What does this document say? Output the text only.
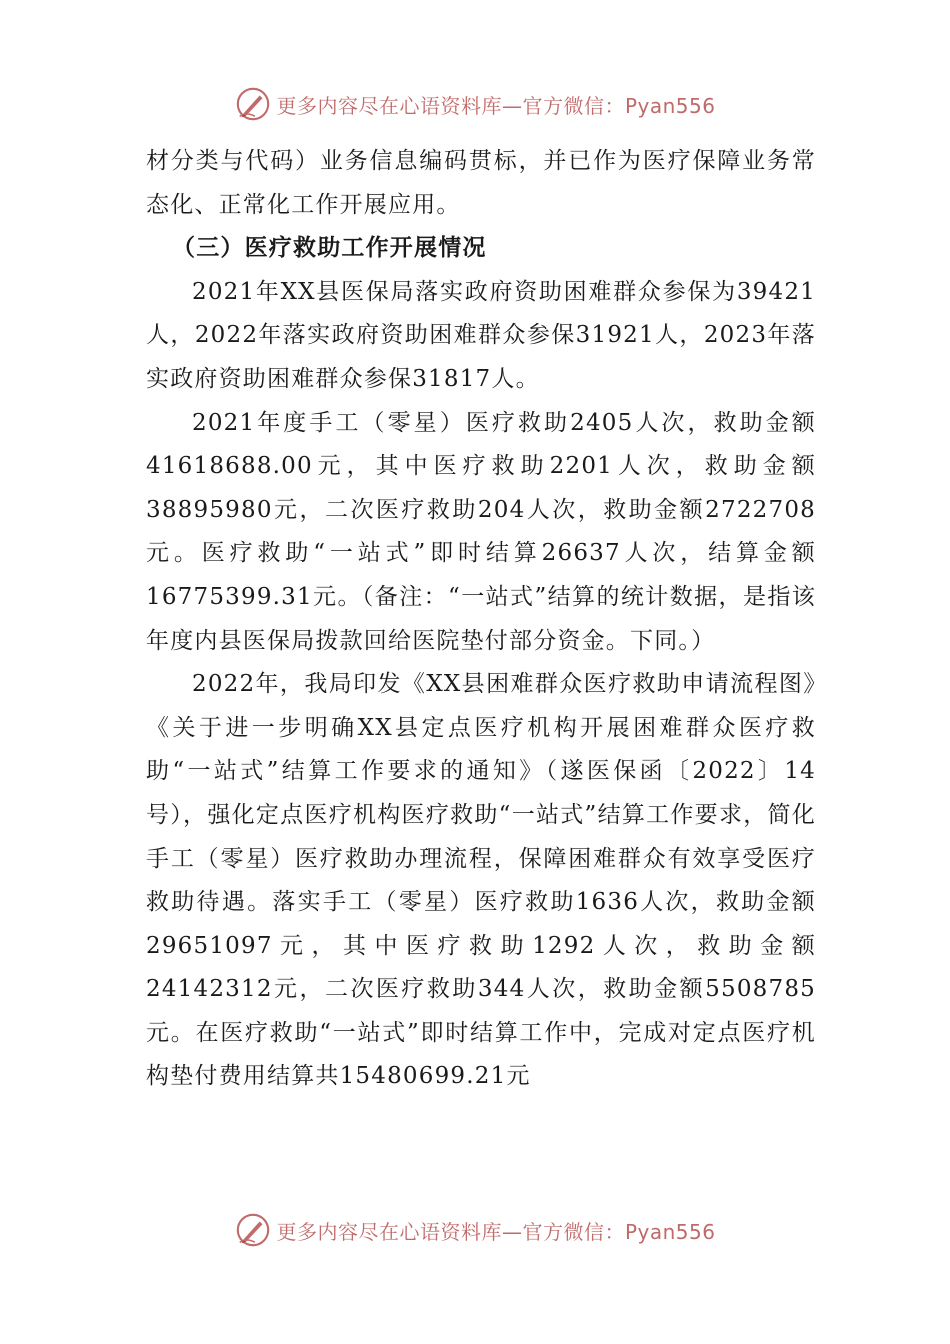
更多内容尽在心语资料库—官方微信：Pyan556

材分类与代码）业务信息编码贯标，并已作为医疗保障业务常态化、正常化工作开展应用。

（三）医疗救助工作开展情况

2021年XX县医保局落实政府资助困难群众参保为39421人，2022年落实政府资助困难群众参保31921人，2023年落实政府资助困难群众参保31817人。

2021年度手工（零星）医疗救助2405人次，救助金额41618688.00元，其中医疗救助2201人次，救助金额38895980元，二次医疗救助204人次，救助金额2722708元。医疗救助“一站式”即时结算26637人次，结算金额16775399.31元。（备注：“一站式”结算的统计数据，是指该年度内县医保局拨款回给医院垫付部分资金。下同。）

2022年，我局印发《XX县困难群众医疗救助申请流程图》《关于进一步明确XX县定点医疗机构开展困难群众医疗救助“一站式”结算工作要求的通知》（遂医保函〔2022〕14号），强化定点医疗机构医疗救助“一站式”结算工作要求，简化手工（零星）医疗救助办理流程，保障困难群众有效享受医疗救助待遇。落实手工（零星）医疗救助1636人次，救助金额29651097元，其中医疗救助1292人次，救助金额24142312元，二次医疗救助344人次，救助金额5508785元。在医疗救助“一站式”即时结算工作中，完成对定点医疗机构垫付费用结算共15480699.21元

更多内容尽在心语资料库—官方微信：Pyan556
